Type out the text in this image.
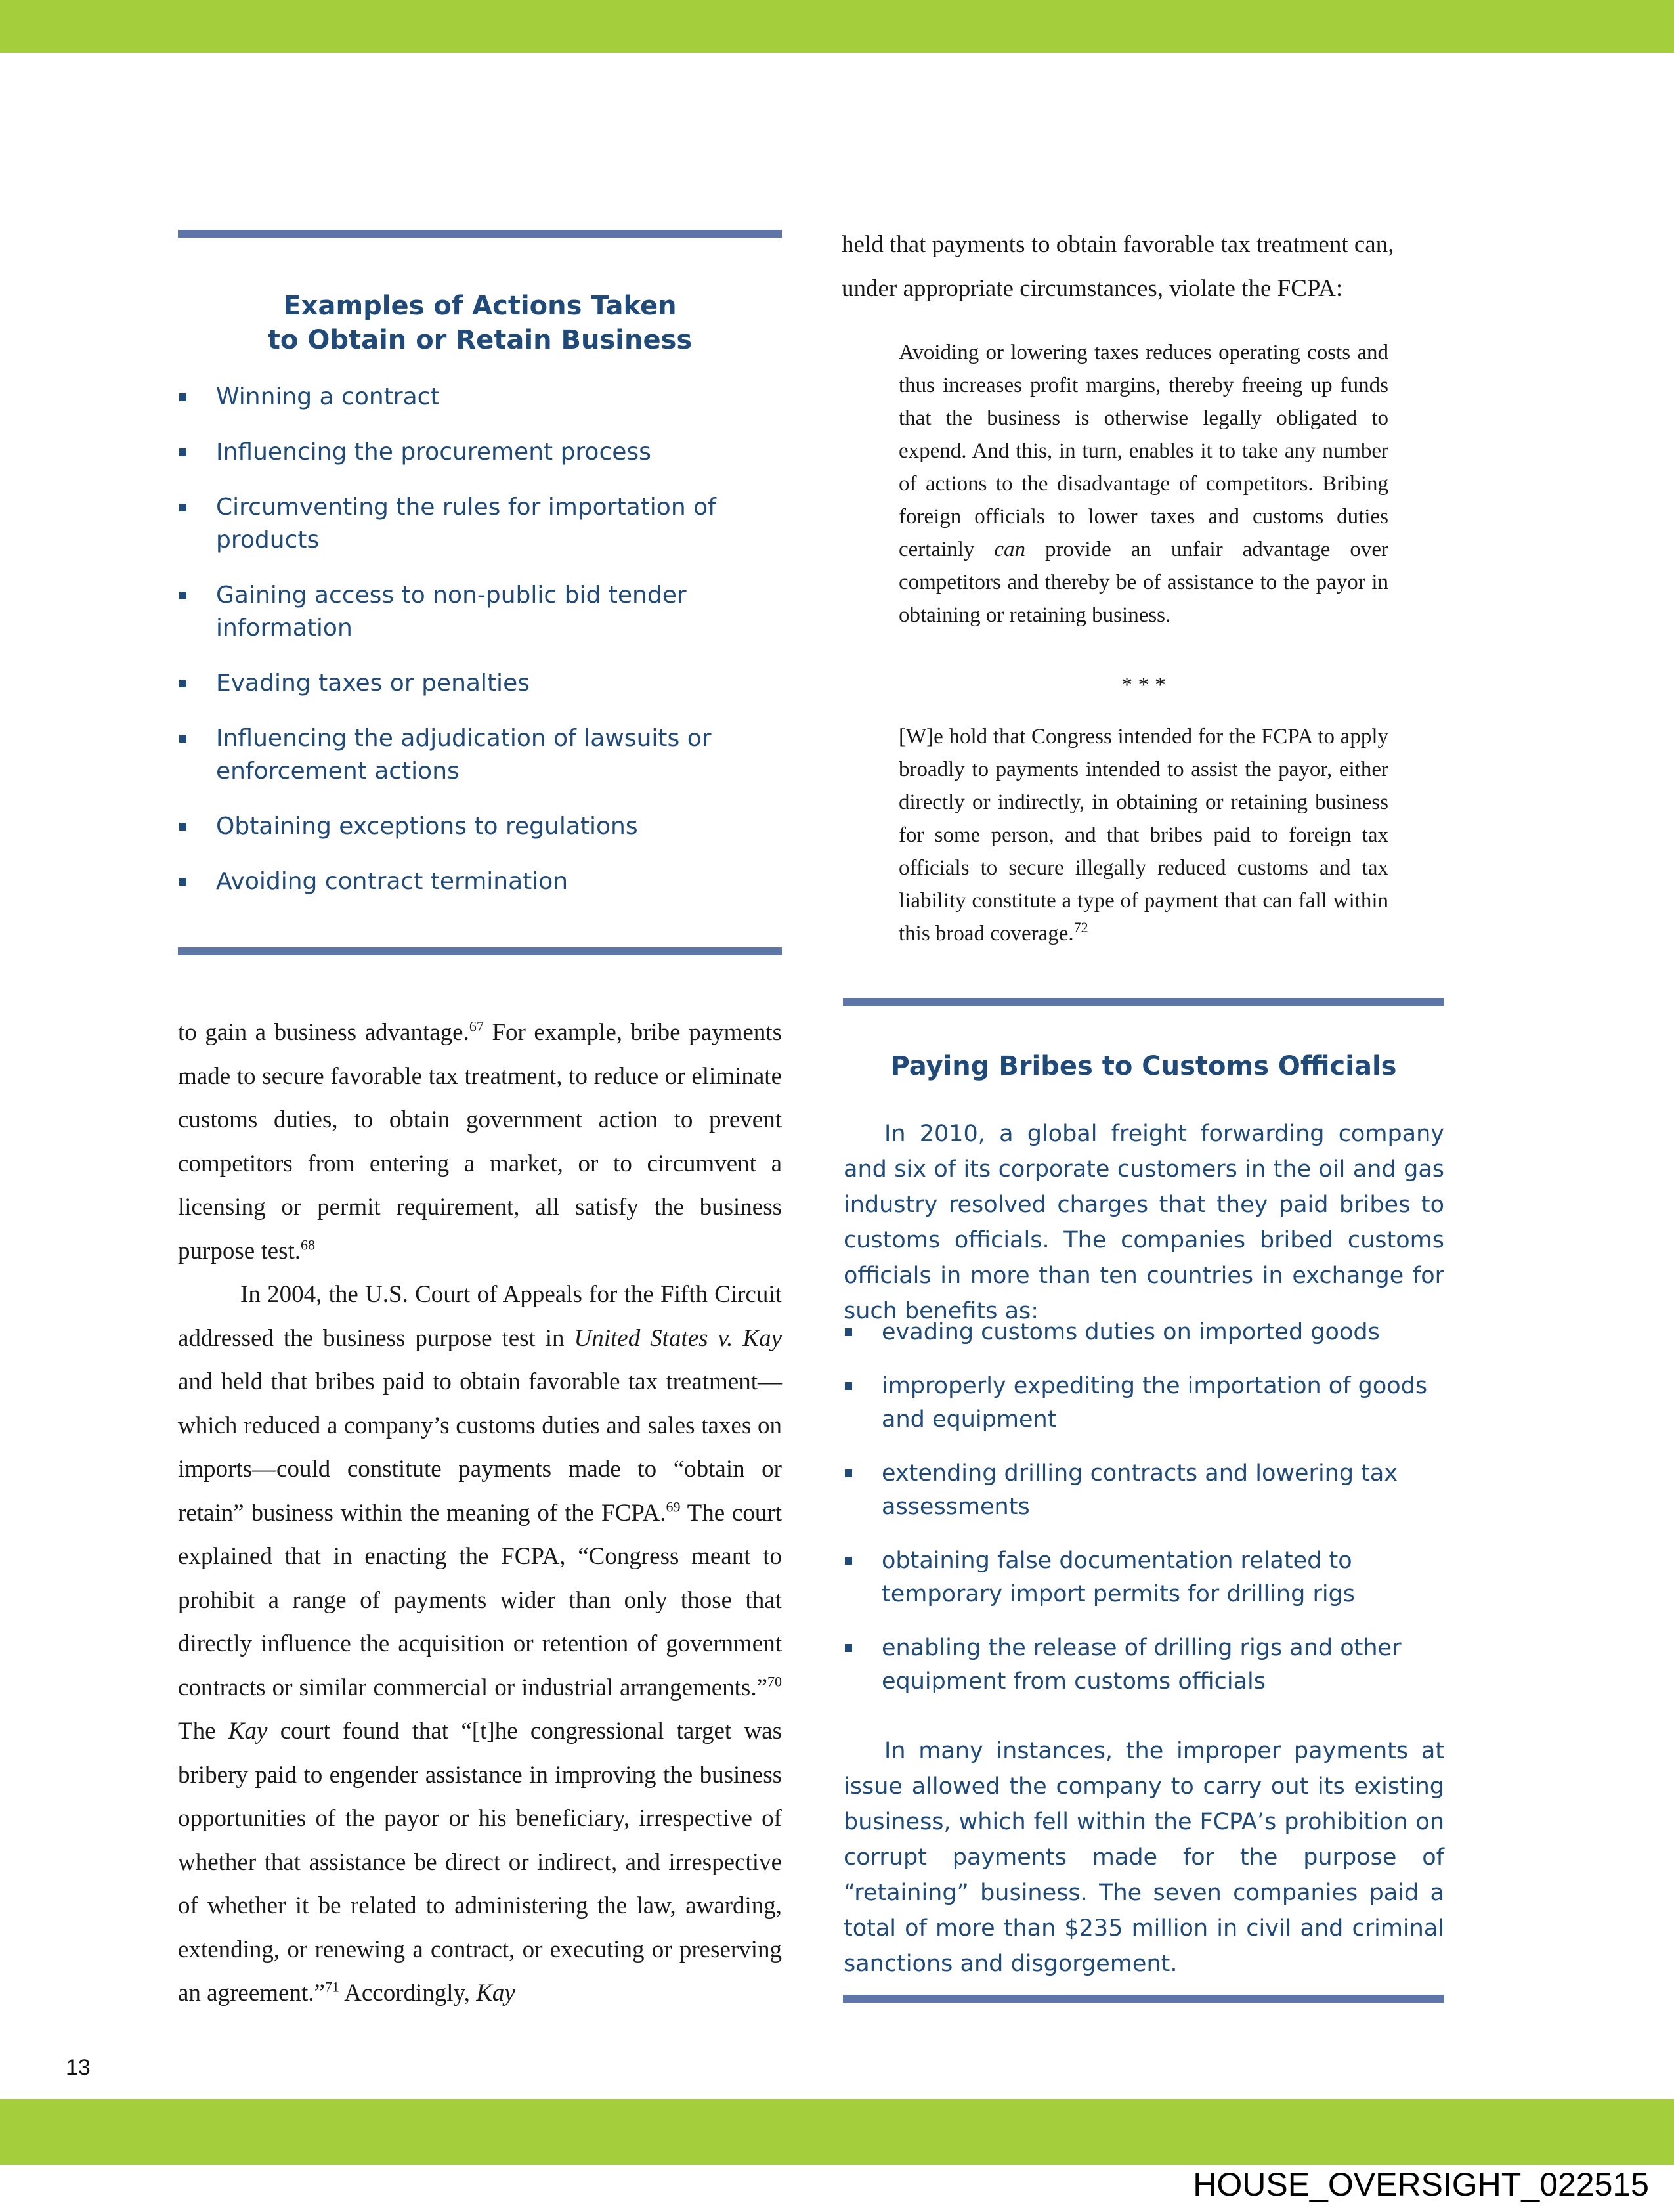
Examples of Actions Taken
to Obtain or Retain Business
Winning a contract
Influencing the procurement process
Circumventing the rules for importation of products
Gaining access to non-public bid tender information
Evading taxes or penalties
Influencing the adjudication of lawsuits or enforcement actions
Obtaining exceptions to regulations
Avoiding contract termination

to gain a business advantage.$^{67}$ For example, bribe payments made to secure favorable tax treatment, to reduce or eliminate customs duties, to obtain government action to prevent competitors from entering a market, or to circumvent a licensing or permit requirement, all satisfy the business purpose test.$^{68}$

In 2004, the U.S. Court of Appeals for the Fifth Circuit addressed the business purpose test in United States v. Kay and held that bribes paid to obtain favorable tax treatment—which reduced a company’s customs duties and sales taxes on imports—could constitute payments made to “obtain or retain” business within the meaning of the FCPA.$^{69}$ The court explained that in enacting the FCPA, “Congress meant to prohibit a range of payments wider than only those that directly influence the acquisition or retention of government contracts or similar commercial or industrial arrangements.”$^{70}$ The Kay court found that “[t]he congressional target was bribery paid to engender assistance in improving the business opportunities of the payor or his beneficiary, irrespective of whether that assistance be direct or indirect, and irrespective of whether it be related to administering the law, awarding, extending, or renewing a contract, or executing or preserving an agreement.”$^{71}$ Accordingly, Kay

held that payments to obtain favorable tax treatment can, under appropriate circumstances, violate the FCPA:

Avoiding or lowering taxes reduces operating costs and thus increases profit margins, thereby freeing up funds that the business is otherwise legally obligated to expend. And this, in turn, enables it to take any number of actions to the disadvantage of competitors. Bribing foreign officials to lower taxes and customs duties certainly can provide an unfair advantage over competitors and thereby be of assistance to the payor in obtaining or retaining business.

* * *

[W]e hold that Congress intended for the FCPA to apply broadly to payments intended to assist the payor, either directly or indirectly, in obtaining or retaining business for some person, and that bribes paid to foreign tax officials to secure illegally reduced customs and tax liability constitute a type of payment that can fall within this broad coverage.$^{72}$

Paying Bribes to Customs Officials

In 2010, a global freight forwarding company and six of its corporate customers in the oil and gas industry resolved charges that they paid bribes to customs officials. The companies bribed customs officials in more than ten countries in exchange for such benefits as:

evading customs duties on imported goods
improperly expediting the importation of goods and equipment
extending drilling contracts and lowering tax assessments
obtaining false documentation related to temporary import permits for drilling rigs
enabling the release of drilling rigs and other equipment from customs officials

In many instances, the improper payments at issue allowed the company to carry out its existing business, which fell within the FCPA’s prohibition on corrupt payments made for the purpose of “retaining” business. The seven companies paid a total of more than $235 million in civil and criminal sanctions and disgorgement.

13
HOUSE_OVERSIGHT_022515
